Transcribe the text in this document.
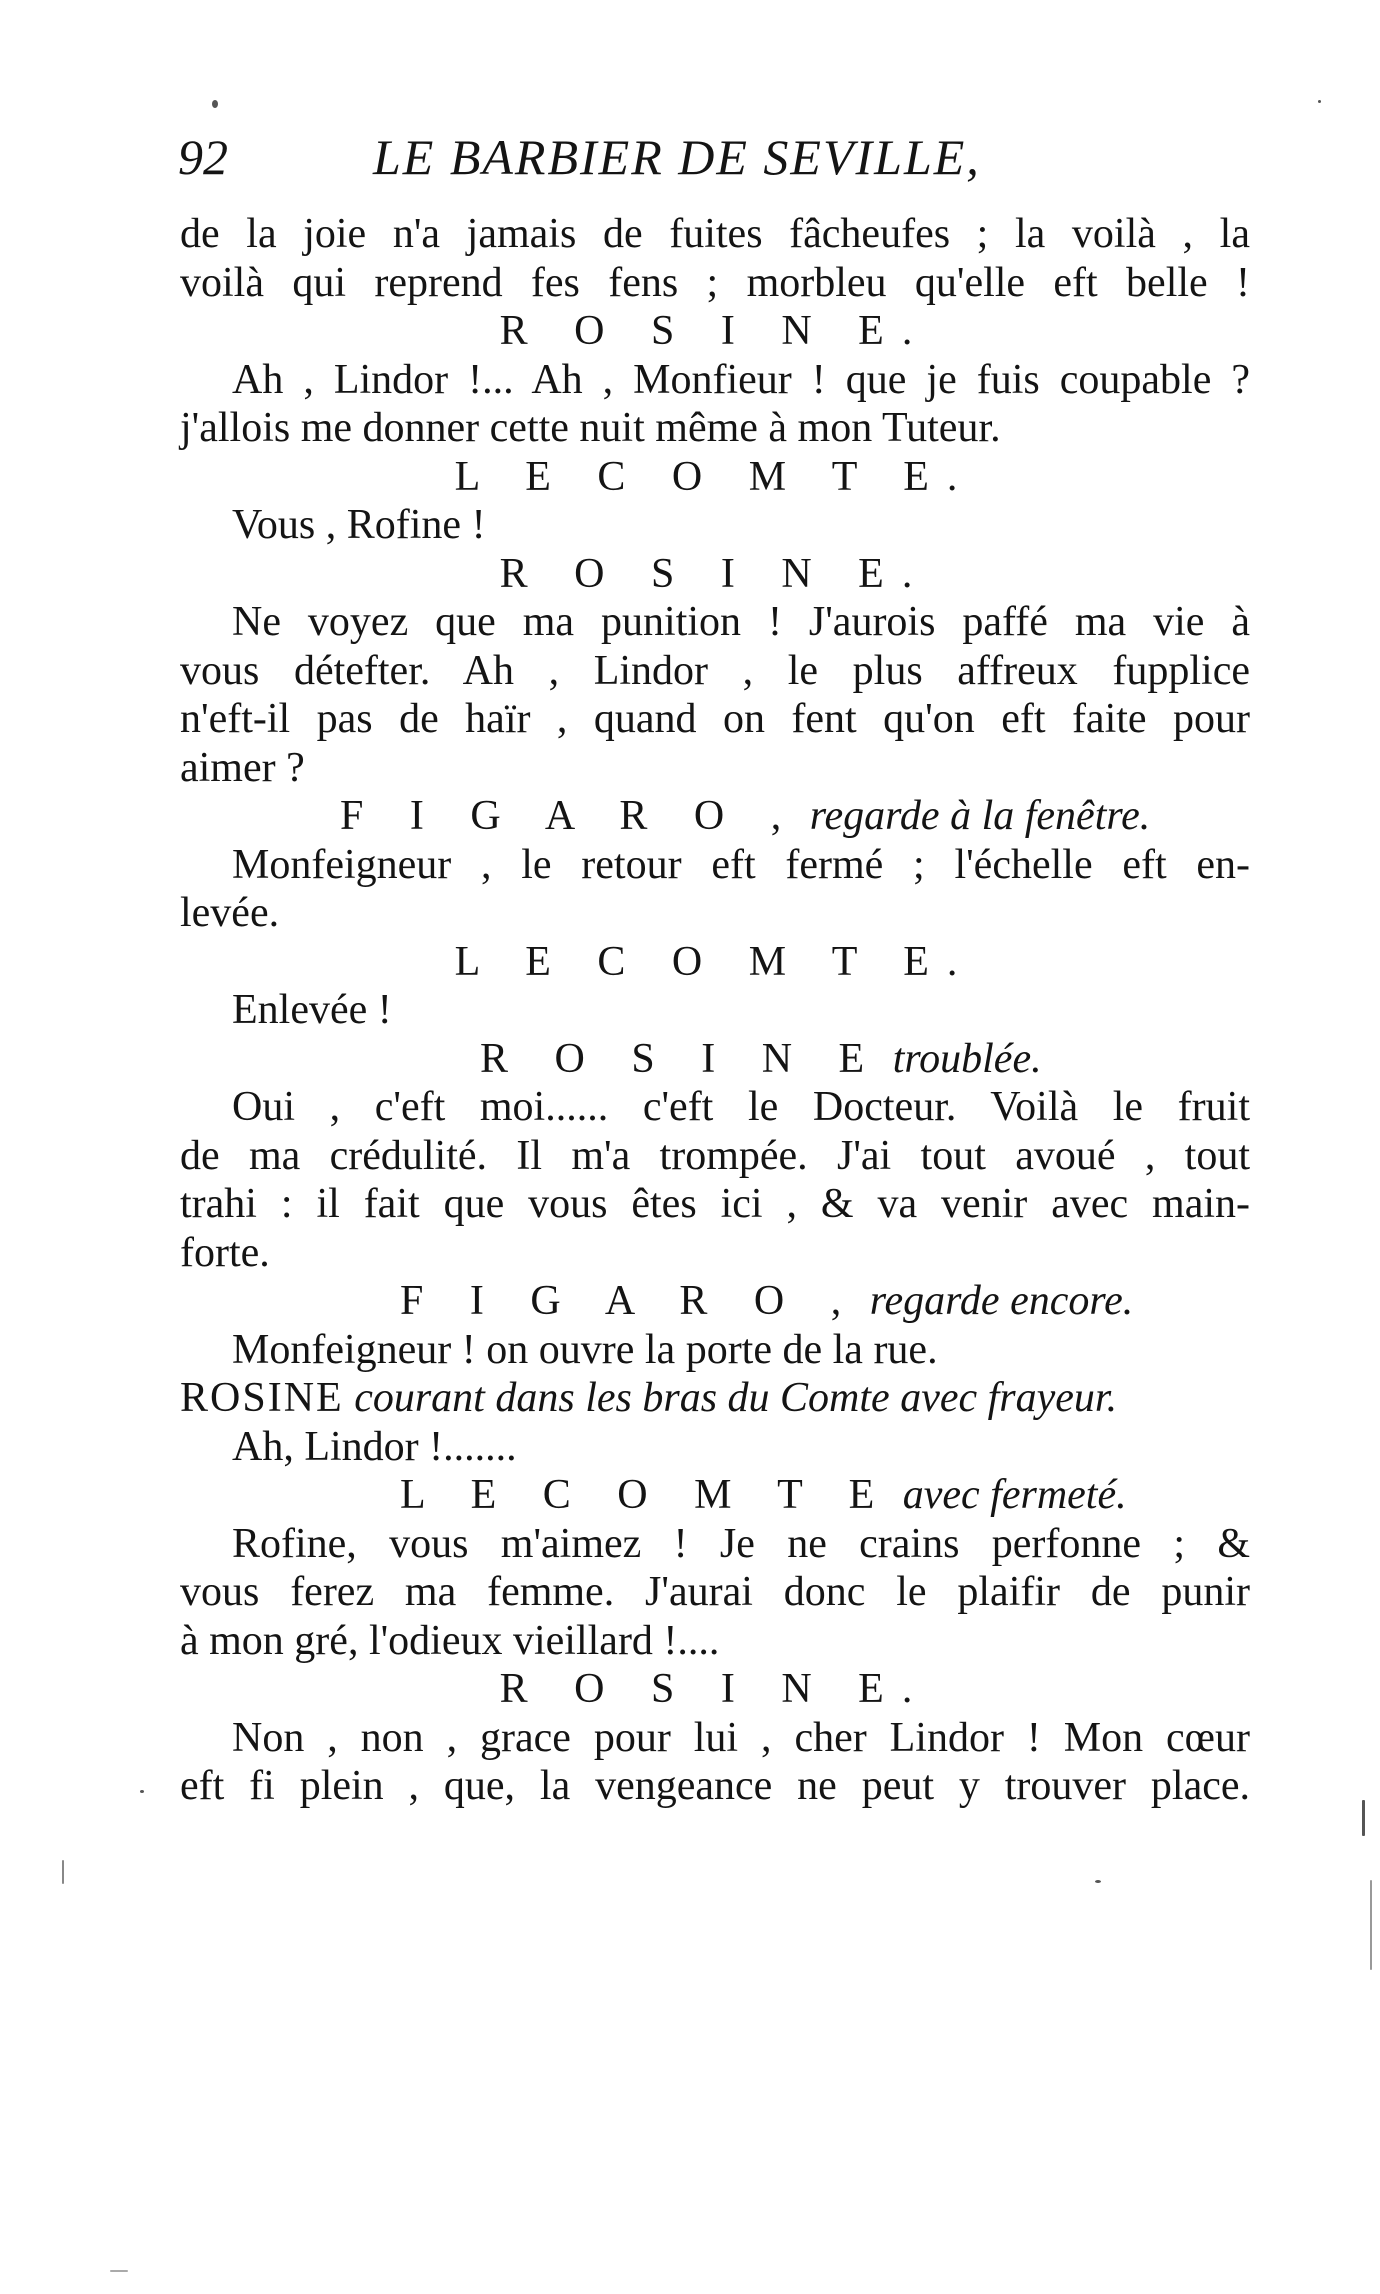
92	LE BARBIER DE SEVILLE,
de la joie n'a jamais de fuites fâcheufes ; la voilà , la
voilà qui reprend fes fens ; morbleu qu'elle eft belle !
R O S I N E.
Ah , Lindor !... Ah , Monfieur ! que je fuis coupable ?
j'allois me donner cette nuit même à mon Tuteur.
L E C O M T E.
Vous , Rofine !
R O S I N E.
Ne voyez que ma punition ! J'aurois paffé ma vie à
vous détefter. Ah , Lindor , le plus affreux fupplice
n'eft-il pas de haïr , quand on fent qu'on eft faite pour
aimer ?
F I G A R O , regarde à la fenêtre.
Monfeigneur , le retour eft fermé ; l'échelle eft en-
levée.
L E C O M T E.
Enlevée !
R O S I N E troublée.
Oui , c'eft moi...... c'eft le Docteur. Voilà le fruit
de ma crédulité. Il m'a trompée. J'ai tout avoué , tout
trahi : il fait que vous êtes ici , & va venir avec main-
forte.
F I G A R O , regarde encore.
Monfeigneur ! on ouvre la porte de la rue.
ROSINE courant dans les bras du Comte avec frayeur.
Ah, Lindor !.......
L E C O M T E avec fermeté.
Rofine, vous m'aimez ! Je ne crains perfonne ; &
vous ferez ma femme. J'aurai donc le plaifir de punir
à mon gré, l'odieux vieillard !....
R O S I N E.
Non , non , grace pour lui , cher Lindor ! Mon cœur
eft fi plein , que, la vengeance ne peut y trouver place.
